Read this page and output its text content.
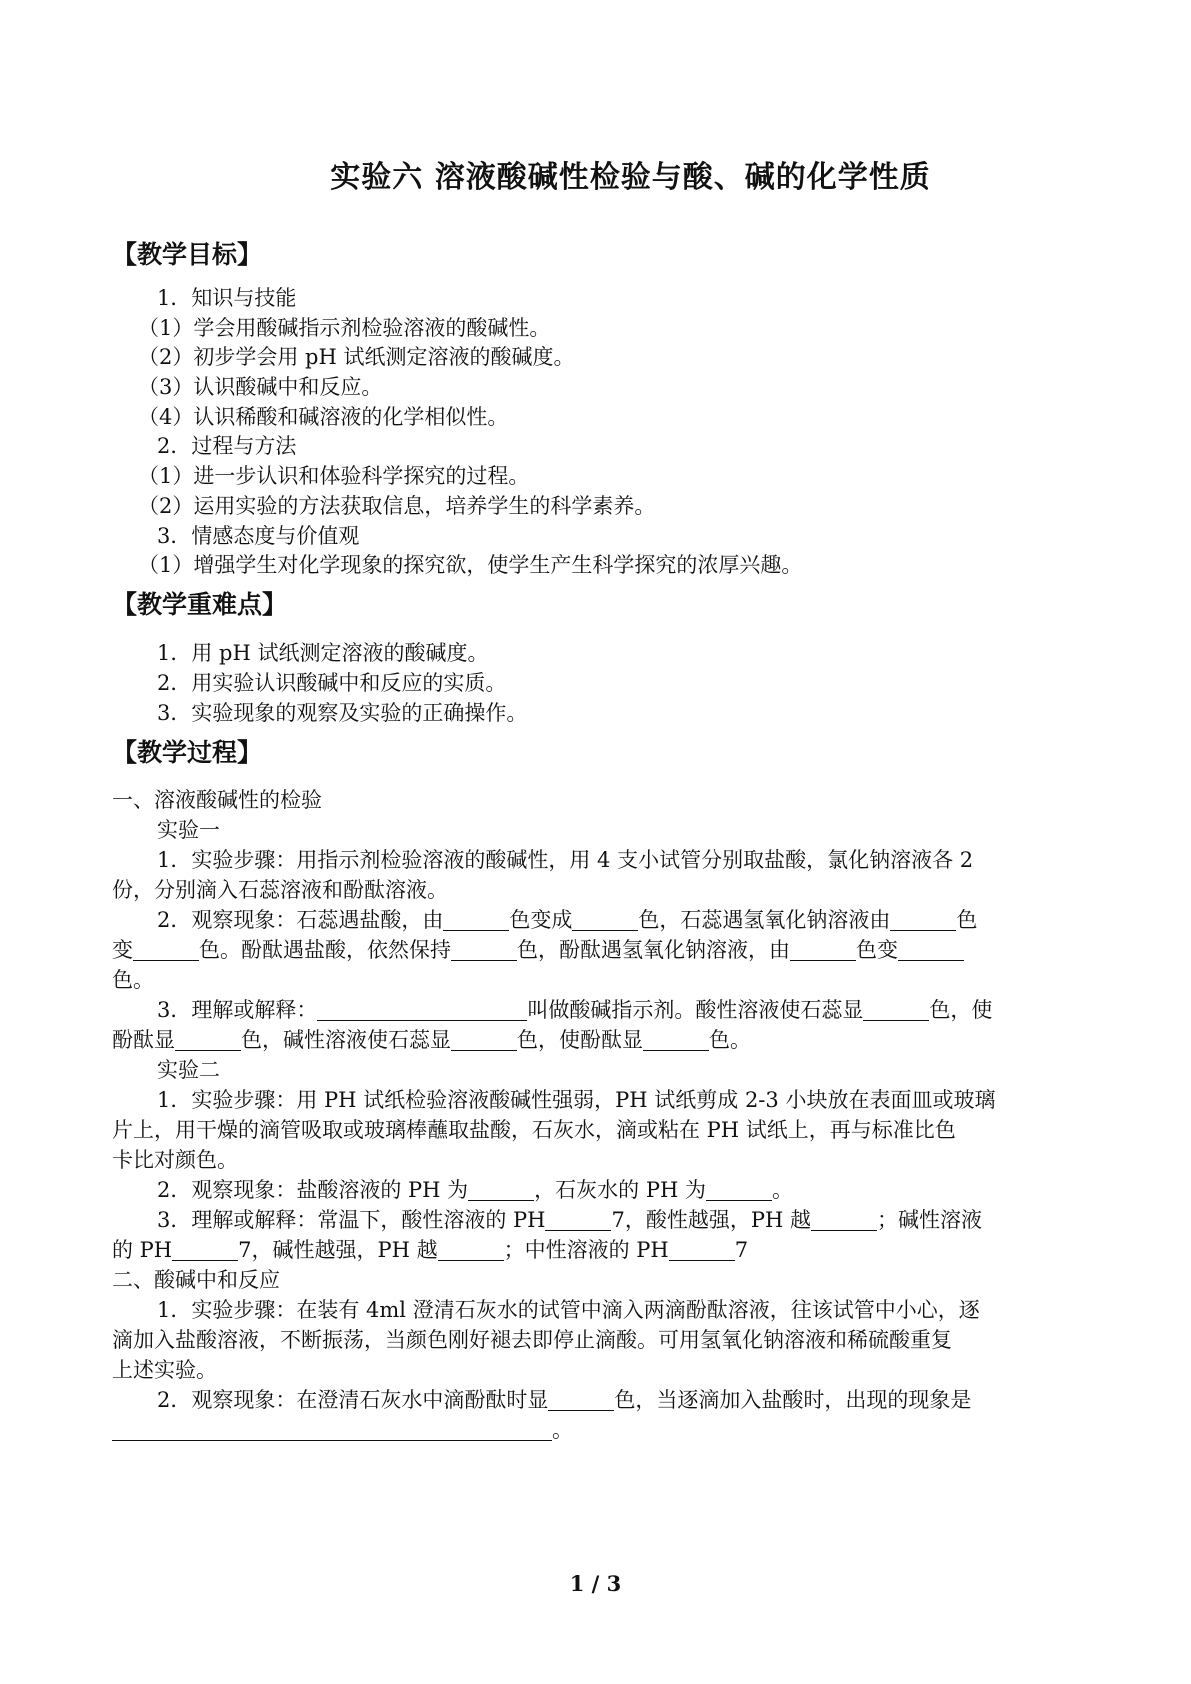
实验六 溶液酸碱性检验与酸、碱的化学性质
【教学目标】
1．知识与技能
（1）学会用酸碱指示剂检验溶液的酸碱性。
（2）初步学会用 pH 试纸测定溶液的酸碱度。
（3）认识酸碱中和反应。
（4）认识稀酸和碱溶液的化学相似性。
2．过程与方法
（1）进一步认识和体验科学探究的过程。
（2）运用实验的方法获取信息，培养学生的科学素养。
3．情感态度与价值观
（1）增强学生对化学现象的探究欲，使学生产生科学探究的浓厚兴趣。
【教学重难点】
1．用 pH 试纸测定溶液的酸碱度。
2．用实验认识酸碱中和反应的实质。
3．实验现象的观察及实验的正确操作。
【教学过程】
一、溶液酸碱性的检验
实验一
1．实验步骤：用指示剂检验溶液的酸碱性，用 4 支小试管分别取盐酸，氯化钠溶液各 2
份，分别滴入石蕊溶液和酚酞溶液。
2．观察现象：石蕊遇盐酸，由	色变成	色，石蕊遇氢氧化钠溶液由	色
变	色。酚酞遇盐酸，依然保持	色，酚酞遇氢氧化钠溶液，由	色变
色。
3．理解或解释：	叫做酸碱指示剂。酸性溶液使石蕊显	色，使
酚酞显	色，碱性溶液使石蕊显	色，使酚酞显	色。
实验二
1．实验步骤：用 PH 试纸检验溶液酸碱性强弱，PH 试纸剪成 2-3 小块放在表面皿或玻璃
片上，用干燥的滴管吸取或玻璃棒蘸取盐酸，石灰水，滴或粘在 PH 试纸上，再与标准比色
卡比对颜色。
2．观察现象：盐酸溶液的 PH 为	，石灰水的 PH 为	。
3．理解或解释：常温下，酸性溶液的 PH	7，酸性越强，PH 越	；碱性溶液
的 PH	7，碱性越强，PH 越	；中性溶液的 PH	7
二、酸碱中和反应
1．实验步骤：在装有 4ml 澄清石灰水的试管中滴入两滴酚酞溶液，往该试管中小心，逐
滴加入盐酸溶液，不断振荡，当颜色刚好褪去即停止滴酸。可用氢氧化钠溶液和稀硫酸重复
上述实验。
2．观察现象：在澄清石灰水中滴酚酞时显	色，当逐滴加入盐酸时，出现的现象是
。
1 / 3
